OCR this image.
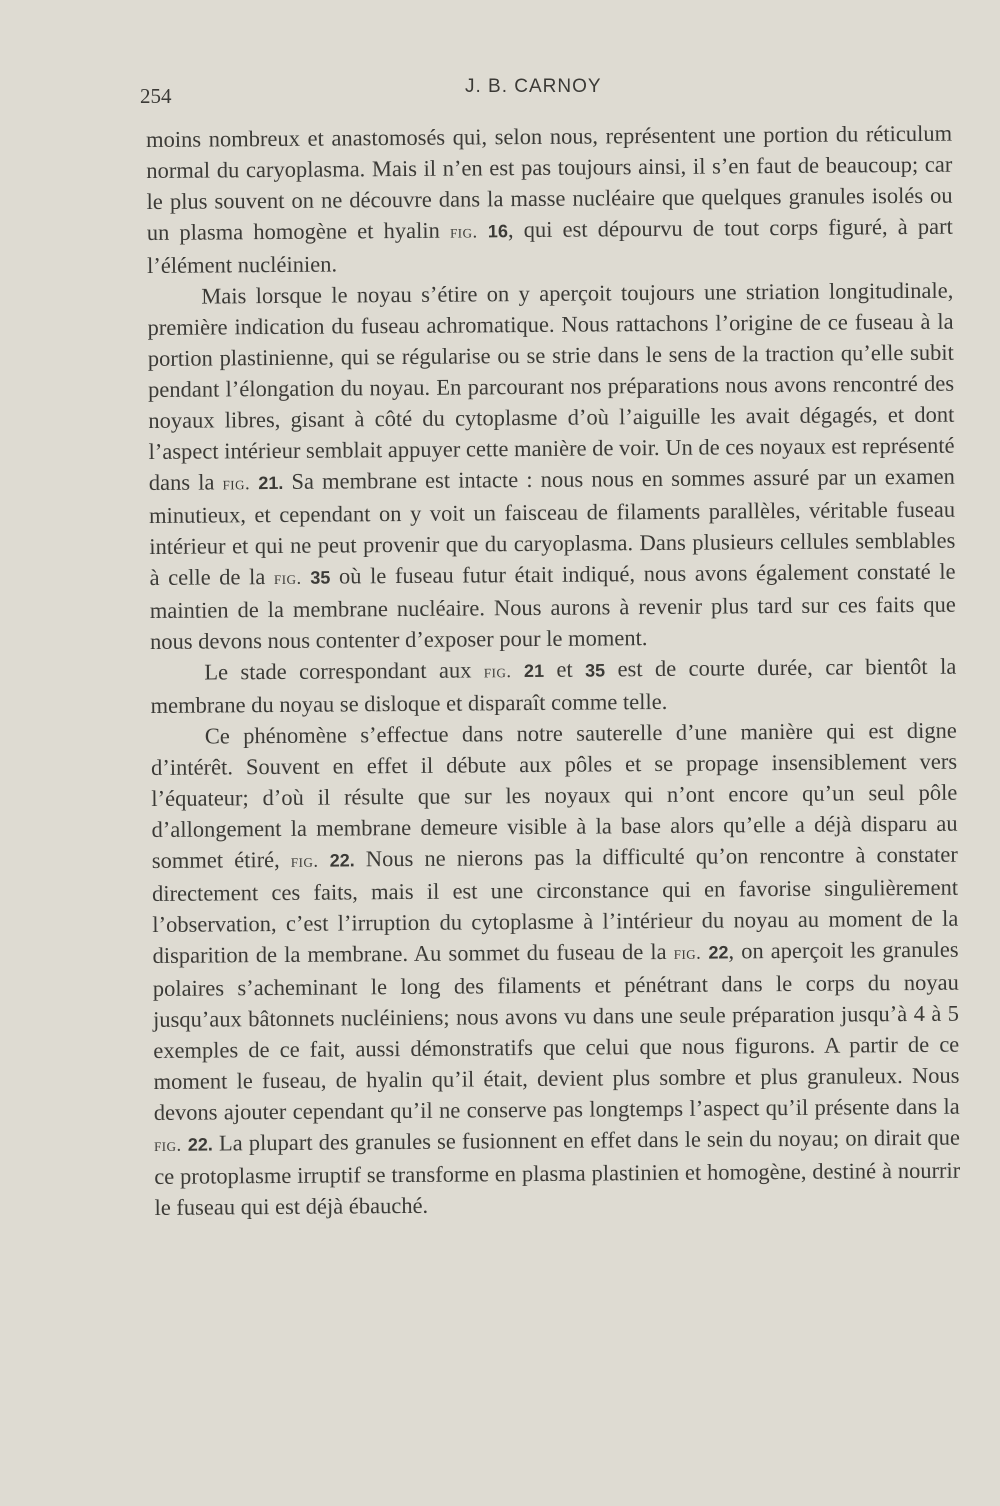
254	J. B. CARNOY

moins nombreux et anastomosés qui, selon nous, représentent une portion du réticulum normal du caryoplasma. Mais il n’en est pas toujours ainsi, il s’en faut de beaucoup; car le plus souvent on ne découvre dans la masse nucléaire que quelques granules isolés ou un plasma homogène et hyalin fig. 16, qui est dépourvu de tout corps figuré, à part l’élément nucléinien.

Mais lorsque le noyau s’étire on y aperçoit toujours une striation longitudinale, première indication du fuseau achromatique. Nous rattachons l’origine de ce fuseau à la portion plastinienne, qui se régularise ou se strie dans le sens de la traction qu’elle subit pendant l’élongation du noyau. En parcourant nos préparations nous avons rencontré des noyaux libres, gisant à côté du cytoplasme d’où l’aiguille les avait dégagés, et dont l’aspect intérieur semblait appuyer cette manière de voir. Un de ces noyaux est représenté dans la fig. 21. Sa membrane est intacte : nous nous en sommes assuré par un examen minutieux, et cependant on y voit un faisceau de filaments parallèles, véritable fuseau intérieur et qui ne peut provenir que du caryoplasma. Dans plusieurs cellules semblables à celle de la fig. 35 où le fuseau futur était indiqué, nous avons également constaté le maintien de la membrane nucléaire. Nous aurons à revenir plus tard sur ces faits que nous devons nous contenter d’exposer pour le moment.

Le stade correspondant aux fig. 21 et 35 est de courte durée, car bientôt la membrane du noyau se disloque et disparaît comme telle.

Ce phénomène s’effectue dans notre sauterelle d’une manière qui est digne d’intérêt. Souvent en effet il débute aux pôles et se propage insensiblement vers l’équateur; d’où il résulte que sur les noyaux qui n’ont encore qu’un seul pôle d’allongement la membrane demeure visible à la base alors qu’elle a déjà disparu au sommet étiré, fig. 22. Nous ne nierons pas la difficulté qu’on rencontre à constater directement ces faits, mais il est une circonstance qui en favorise singulièrement l’observation, c’est l’irruption du cytoplasme à l’intérieur du noyau au moment de la disparition de la membrane. Au sommet du fuseau de la fig. 22, on aperçoit les granules polaires s’acheminant le long des filaments et pénétrant dans le corps du noyau jusqu’aux bâtonnets nucléiniens; nous avons vu dans une seule préparation jusqu’à 4 à 5 exemples de ce fait, aussi démonstratifs que celui que nous figurons. A partir de ce moment le fuseau, de hyalin qu’il était, devient plus sombre et plus granuleux. Nous devons ajouter cependant qu’il ne conserve pas longtemps l’aspect qu’il présente dans la fig. 22. La plupart des granules se fusionnent en effet dans le sein du noyau; on dirait que ce protoplasme irruptif se transforme en plasma plastinien et homogène, destiné à nourrir le fuseau qui est déjà ébauché.
